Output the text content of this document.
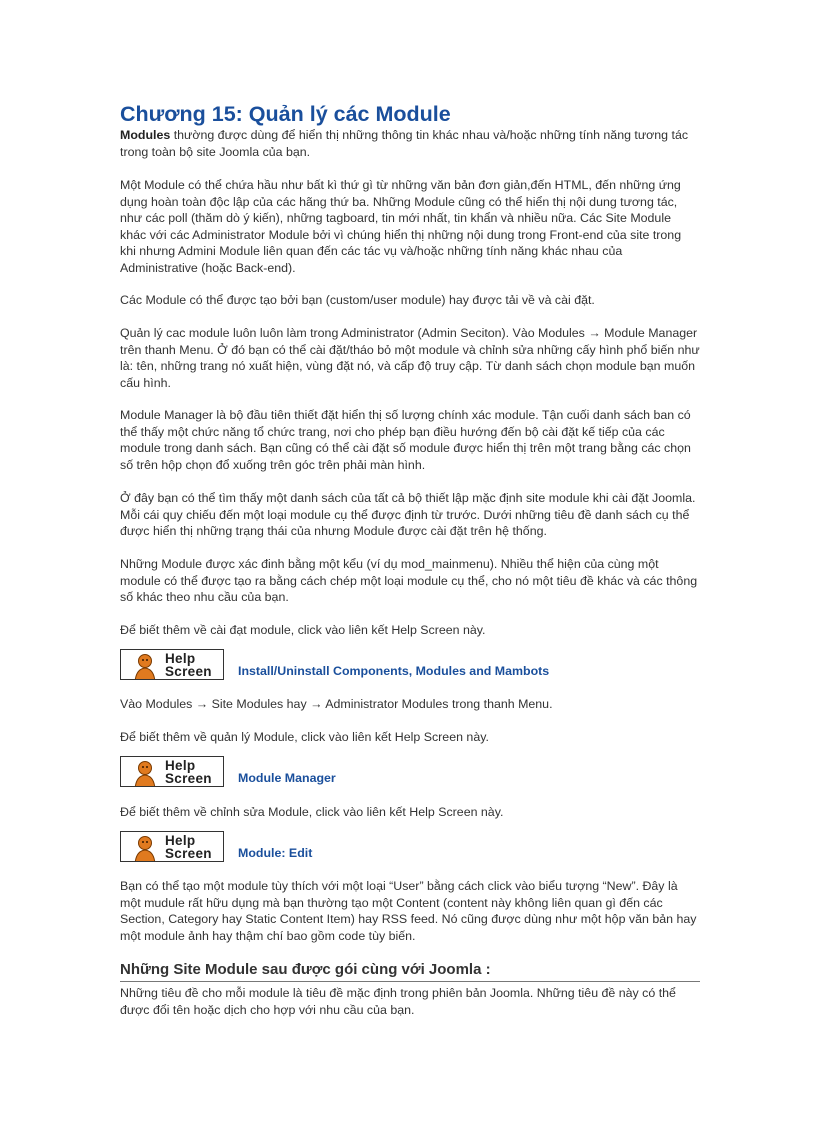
Chương 15: Quản lý các Module

Modules thường được dùng để hiển thị những thông tin khác nhau và/hoặc những tính năng tương tác trong toàn bộ site Joomla của bạn.

Một Module có thể chứa hầu như bất kì thứ gì từ những văn bản đơn giản,đến HTML, đến những ứng dụng hoàn toàn độc lập của các hãng thứ ba. Những Module cũng có thể hiển thị nội dung tương tác, như các poll (thăm dò ý kiến), những tagboard, tin mới nhất, tin khẩn và nhiều nữa. Các Site Module khác với các Administrator Module bởi vì chúng hiển thị những nội dung trong Front-end của site trong khi nhưng Admini Module liên quan đến các tác vụ và/hoặc những tính năng khác nhau của Administrative (hoặc Back-end).

Các Module có thể được tạo bởi bạn (custom/user module) hay được tải về và cài đặt.

Quản lý cac module luôn luôn làm trong Administrator (Admin Seciton). Vào Modules → Module Manager trên thanh Menu. Ở đó bạn có thể cài đặt/tháo bỏ một module và chỉnh sửa những cấy hình phổ biến như là: tên, những trang nó xuất hiện, vùng đặt nó, và cấp độ truy cập. Từ danh sách chọn module bạn muốn cấu hình.

Module Manager là bộ đầu tiên thiết đặt hiển thị số lượng chính xác module. Tận cuối danh sách ban có thể thấy một chức năng tổ chức trang, nơi cho phép bạn điều hướng đến bộ cài đặt kế tiếp của các module trong danh sách. Bạn cũng có thể cài đặt số module được hiển thị trên một trang bằng các chọn số trên hộp chọn đổ xuống trên góc trên phải màn hình.

Ở đây bạn có thể tìm thấy một danh sách của tất cả bộ thiết lập mặc định site module khi cài đặt Joomla. Mỗi cái quy chiếu đến một loại module cụ thể được định từ trước. Dưới những tiêu đề danh sách cụ thể được hiển thị những trạng thái của nhưng Module được cài đặt trên hệ thống.

Những Module được xác đinh bằng một kểu (ví dụ mod_mainmenu). Nhiều thể hiện của cùng một module có thể được tạo ra bằng cách chép một loại module cụ thể, cho nó một tiêu đề khác và các thông số khác theo nhu cầu của bạn.

Để biết thêm về cài đạt module, click vào liên kết Help Screen này.

Help
Screen Install/Uninstall Components, Modules and Mambots

Vào Modules → Site Modules hay → Administrator Modules trong thanh Menu.

Để biết thêm về quản lý Module, click vào liên kết Help Screen này.

Help
Screen Module Manager

Để biết thêm về chỉnh sửa Module, click vào liên kết Help Screen này.

Help
Screen Module: Edit

Bạn có thể tạo một module tùy thích với một loại “User” bằng cách click vào biểu tượng “New”. Đây là một mudule rất hữu dụng mà bạn thường tạo một Content (content này không liên quan gì đến các Section, Category hay Static Content Item) hay RSS feed. Nó cũng được dùng như một hộp văn bản hay một module ảnh hay thậm chí bao gồm code tùy biến.

Những Site Module sau được gói cùng với Joomla :

Những tiêu đề cho mỗi module là tiêu đề mặc định trong phiên bản Joomla. Những tiêu đề này có thể được đổi tên hoặc dịch cho hợp với nhu cầu của bạn.
